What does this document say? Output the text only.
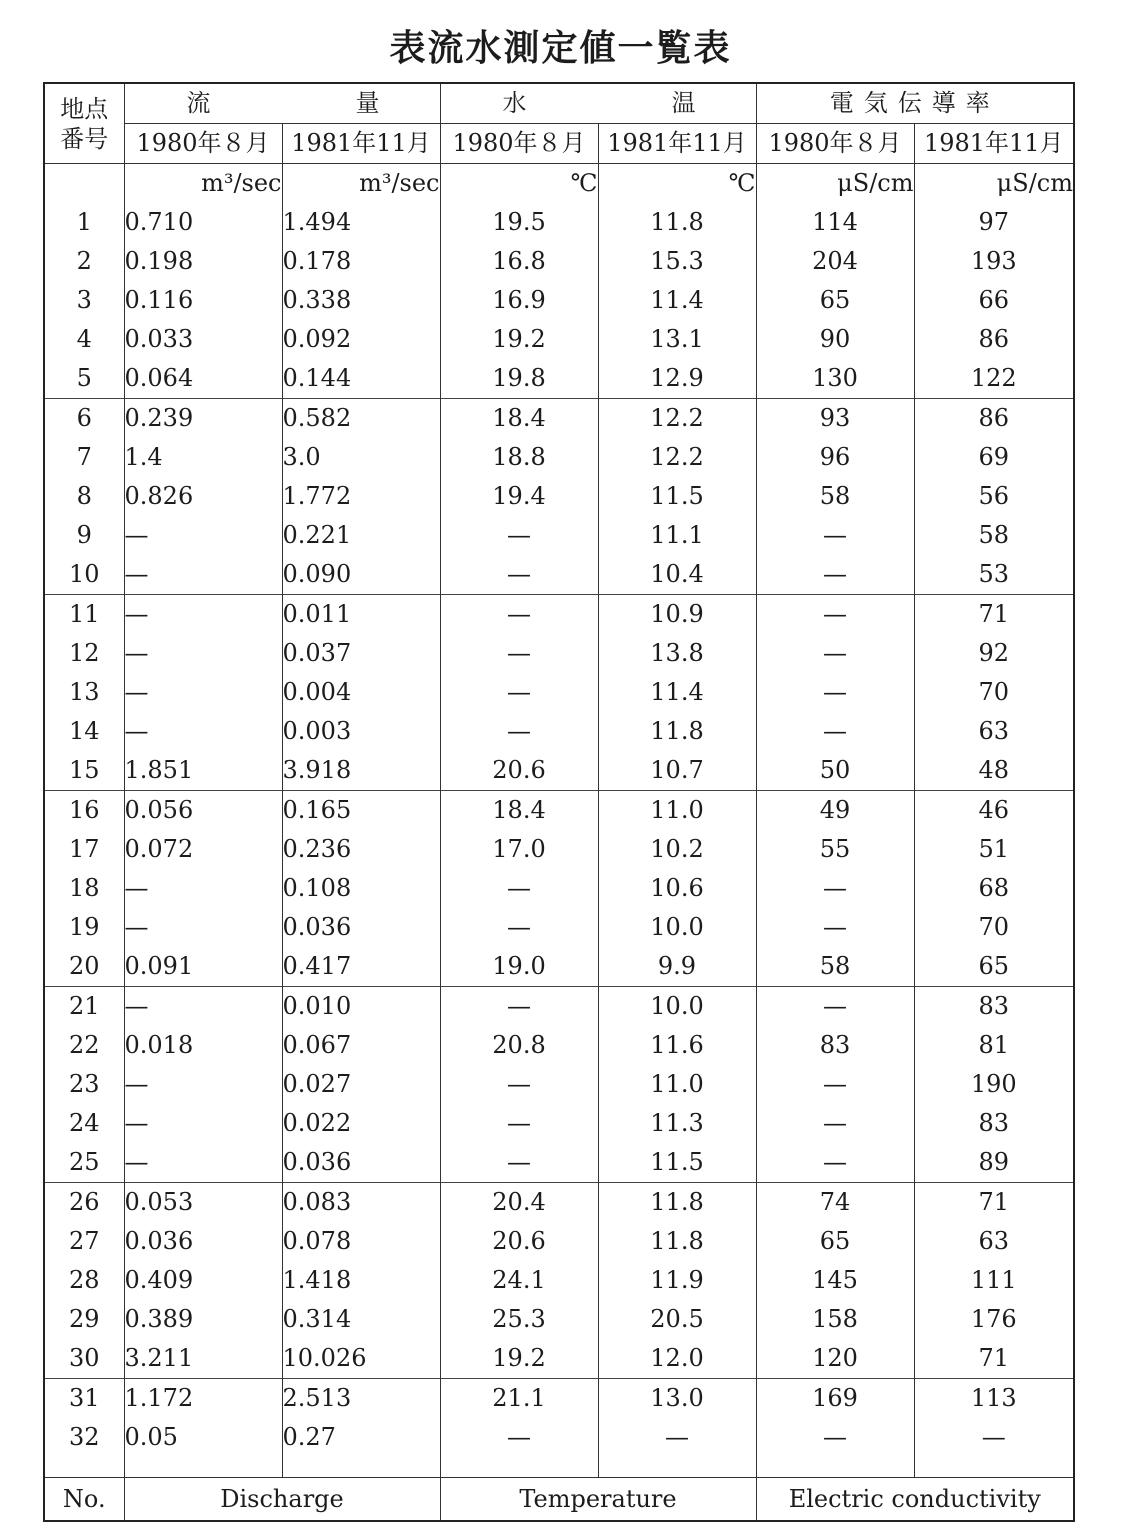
表流水測定値一覧表
地点
番号	流 量		水 温		電気伝導率	

	1980年８月	1981年11月	1980年８月	1981年11月	1980年８月	1981年11月
	m³/sec	m³/sec	℃	℃	μS/cm	μS/cm
1	0.710	1.494	19.5	11.8	114	97
2	0.198	0.178	16.8	15.3	204	193
3	0.116	0.338	16.9	11.4	65	66
4	0.033	0.092	19.2	13.1	90	86
5	0.064	0.144	19.8	12.9	130	122
6	0.239	0.582	18.4	12.2	93	86
7	1.4	3.0	18.8	12.2	96	69
8	0.826	1.772	19.4	11.5	58	56
9	—	0.221	—	11.1	—	58
10	—	0.090	—	10.4	—	53
11	—	0.011	—	10.9	—	71
12	—	0.037	—	13.8	—	92
13	—	0.004	—	11.4	—	70
14	—	0.003	—	11.8	—	63
15	1.851	3.918	20.6	10.7	50	48
16	0.056	0.165	18.4	11.0	49	46
17	0.072	0.236	17.0	10.2	55	51
18	—	0.108	—	10.6	—	68
19	—	0.036	—	10.0	—	70
20	0.091	0.417	19.0	9.9	58	65
21	—	0.010	—	10.0	—	83
22	0.018	0.067	20.8	11.6	83	81
23	—	0.027	—	11.0	—	190
24	—	0.022	—	11.3	—	83
25	—	0.036	—	11.5	—	89
26	0.053	0.083	20.4	11.8	74	71
27	0.036	0.078	20.6	11.8	65	63
28	0.409	1.418	24.1	11.9	145	111
29	0.389	0.314	25.3	20.5	158	176
30	3.211	10.026	19.2	12.0	120	71
31	1.172	2.513	21.1	13.0	169	113
32	0.05	0.27	—	—	—	—

No.	Discharge		Temperature		Electric conductivity	
